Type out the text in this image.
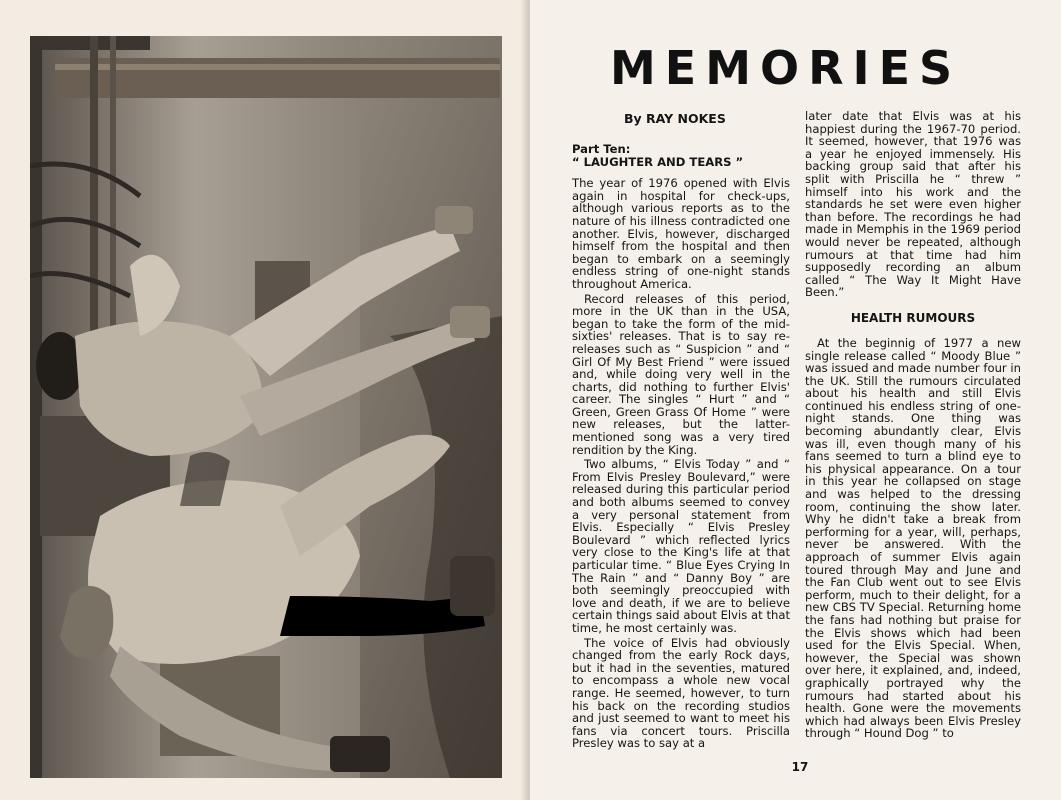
MEMORIES
By RAY NOKES
Part Ten:
“ LAUGHTER AND TEARS ”

The year of 1976 opened with Elvis again in hospital for check-ups, although various reports as to the nature of his illness contradicted one another. Elvis, however, discharged himself from the hospital and then began to embark on a seemingly endless string of one-night stands throughout America.

Record releases of this period, more in the UK than in the USA, began to take the form of the mid-sixties' releases. That is to say re-releases such as “ Suspicion ” and “ Girl Of My Best Friend ” were issued and, while doing very well in the charts, did nothing to further Elvis' career. The singles “ Hurt ” and “ Green, Green Grass Of Home ” were new releases, but the latter-mentioned song was a very tired rendition by the King.

Two albums, “ Elvis Today ” and “ From Elvis Presley Boulevard,” were released during this particular period and both albums seemed to convey a very personal statement from Elvis. Especially “ Elvis Presley Boulevard ” which reflected lyrics very close to the King's life at that particular time. “ Blue Eyes Crying In The Rain ” and “ Danny Boy ” are both seemingly preoccupied with love and death, if we are to believe certain things said about Elvis at that time, he most certainly was.

The voice of Elvis had obviously changed from the early Rock days, but it had in the seventies, matured to encompass a whole new vocal range. He seemed, however, to turn his back on the recording studios and just seemed to want to meet his fans via concert tours. Priscilla Presley was to say at a

later date that Elvis was at his happiest during the 1967-70 period. It seemed, however, that 1976 was a year he enjoyed immensely. His backing group said that after his split with Priscilla he “ threw ” himself into his work and the standards he set were even higher than before. The recordings he had made in Memphis in the 1969 period would never be repeated, although rumours at that time had him supposedly recording an album called “ The Way It Might Have Been.”

HEALTH RUMOURS

At the beginnig of 1977 a new single release called “ Moody Blue ” was issued and made number four in the UK. Still the rumours circulated about his health and still Elvis continued his endless string of one-night stands. One thing was becoming abundantly clear, Elvis was ill, even though many of his fans seemed to turn a blind eye to his physical appearance. On a tour in this year he collapsed on stage and was helped to the dressing room, continuing the show later. Why he didn't take a break from performing for a year, will, perhaps, never be answered. With the approach of summer Elvis again toured through May and June and the Fan Club went out to see Elvis perform, much to their delight, for a new CBS TV Special. Returning home the fans had nothing but praise for the Elvis shows which had been used for the Elvis Special. When, however, the Special was shown over here, it explained, and, indeed, graphically portrayed why the rumours had started about his health. Gone were the movements which had always been Elvis Presley through “ Hound Dog ” to

17
